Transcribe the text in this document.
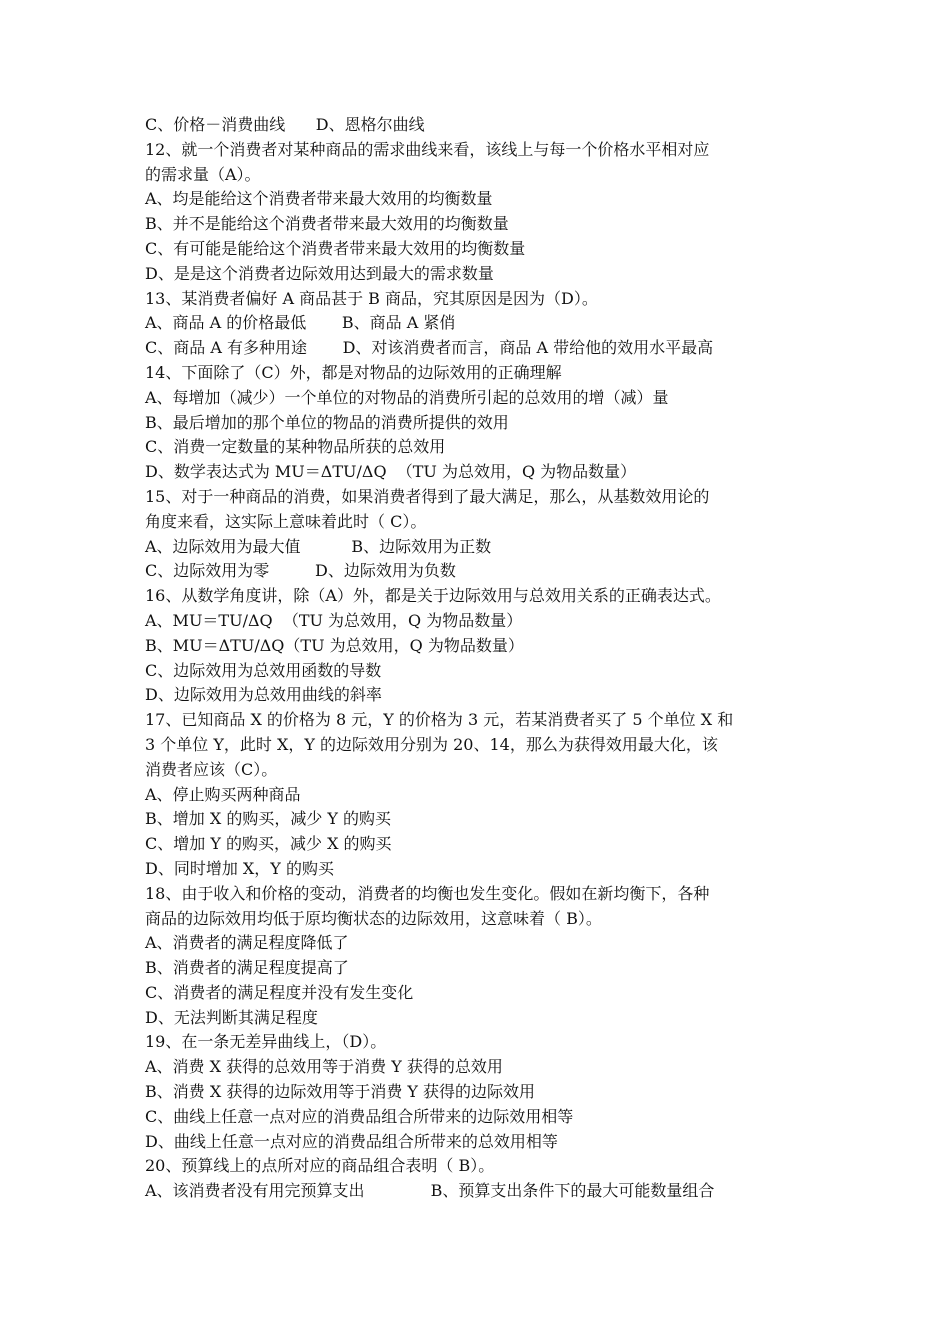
C、价格－消费曲线      D、恩格尔曲线
12、就一个消费者对某种商品的需求曲线来看，该线上与每一个价格水平相对应
的需求量（A）。
A、均是能给这个消费者带来最大效用的均衡数量
B、并不是能给这个消费者带来最大效用的均衡数量
C、有可能是能给这个消费者带来最大效用的均衡数量
D、是是这个消费者边际效用达到最大的需求数量
13、某消费者偏好 A 商品甚于 B 商品，究其原因是因为（D）。
A、商品 A 的价格最低       B、商品 A 紧俏
C、商品 A 有多种用途       D、对该消费者而言，商品 A 带给他的效用水平最高
14、下面除了（C）外，都是对物品的边际效用的正确理解
A、每增加（减少）一个单位的对物品的消费所引起的总效用的增（减）量
B、最后增加的那个单位的物品的消费所提供的效用
C、消费一定数量的某种物品所获的总效用
D、数学表达式为 MU＝ΔTU/ΔQ  （TU 为总效用，Q 为物品数量）
15、对于一种商品的消费，如果消费者得到了最大满足，那么，从基数效用论的
角度来看，这实际上意味着此时（ C）。
A、边际效用为最大值          B、边际效用为正数
C、边际效用为零         D、边际效用为负数
16、从数学角度讲，除（A）外，都是关于边际效用与总效用关系的正确表达式。
A、MU＝TU/ΔQ  （TU 为总效用，Q 为物品数量）
B、MU＝ΔTU/ΔQ（TU 为总效用，Q 为物品数量）
C、边际效用为总效用函数的导数
D、边际效用为总效用曲线的斜率
17、已知商品 X 的价格为 8 元，Y 的价格为 3 元，若某消费者买了 5 个单位 X 和
3 个单位 Y，此时 X，Y 的边际效用分别为 20、14，那么为获得效用最大化，该
消费者应该（C）。
A、停止购买两种商品
B、增加 X 的购买，减少 Y 的购买
C、增加 Y 的购买，减少 X 的购买
D、同时增加 X，Y 的购买
18、由于收入和价格的变动，消费者的均衡也发生变化。假如在新均衡下，各种
商品的边际效用均低于原均衡状态的边际效用，这意味着（ B）。
A、消费者的满足程度降低了
B、消费者的满足程度提高了
C、消费者的满足程度并没有发生变化
D、无法判断其满足程度
19、在一条无差异曲线上，（D）。
A、消费 X 获得的总效用等于消费 Y 获得的总效用
B、消费 X 获得的边际效用等于消费 Y 获得的边际效用
C、曲线上任意一点对应的消费品组合所带来的边际效用相等
D、曲线上任意一点对应的消费品组合所带来的总效用相等
20、预算线上的点所对应的商品组合表明（ B）。
A、该消费者没有用完预算支出             B、预算支出条件下的最大可能数量组合
